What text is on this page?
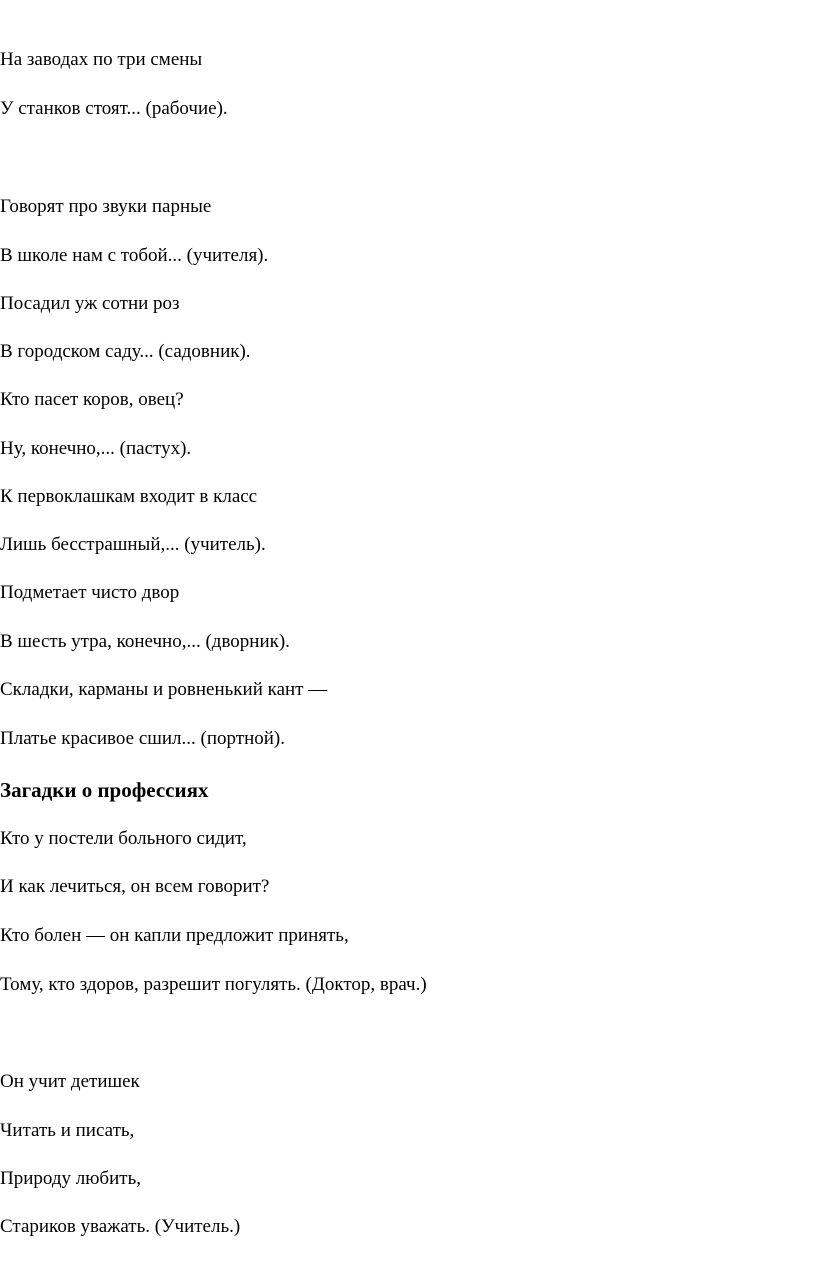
На заводах по три смены

У станков стоят... (рабочие).

Говорят про звуки парные

В школе нам с тобой... (учителя).

Посадил уж сотни роз

В городском саду... (садовник).

Кто пасет коров, овец?

Ну, конечно,... (пастух).

К первоклашкам входит в класс

Лишь бесстрашный,... (учитель).

Подметает чисто двор

В шесть утра, конечно,... (дворник).

Складки, карманы и ровненький кант —

Платье красивое сшил... (портной).

Загадки о профессиях

Кто у постели больного сидит,

И как лечиться, он всем говорит?

Кто болен — он капли предложит принять,

Тому, кто здоров, разрешит погулять. (Доктор, врач.)

Он учит детишек

Читать и писать,

Природу любить,

Стариков уважать. (Учитель.)
